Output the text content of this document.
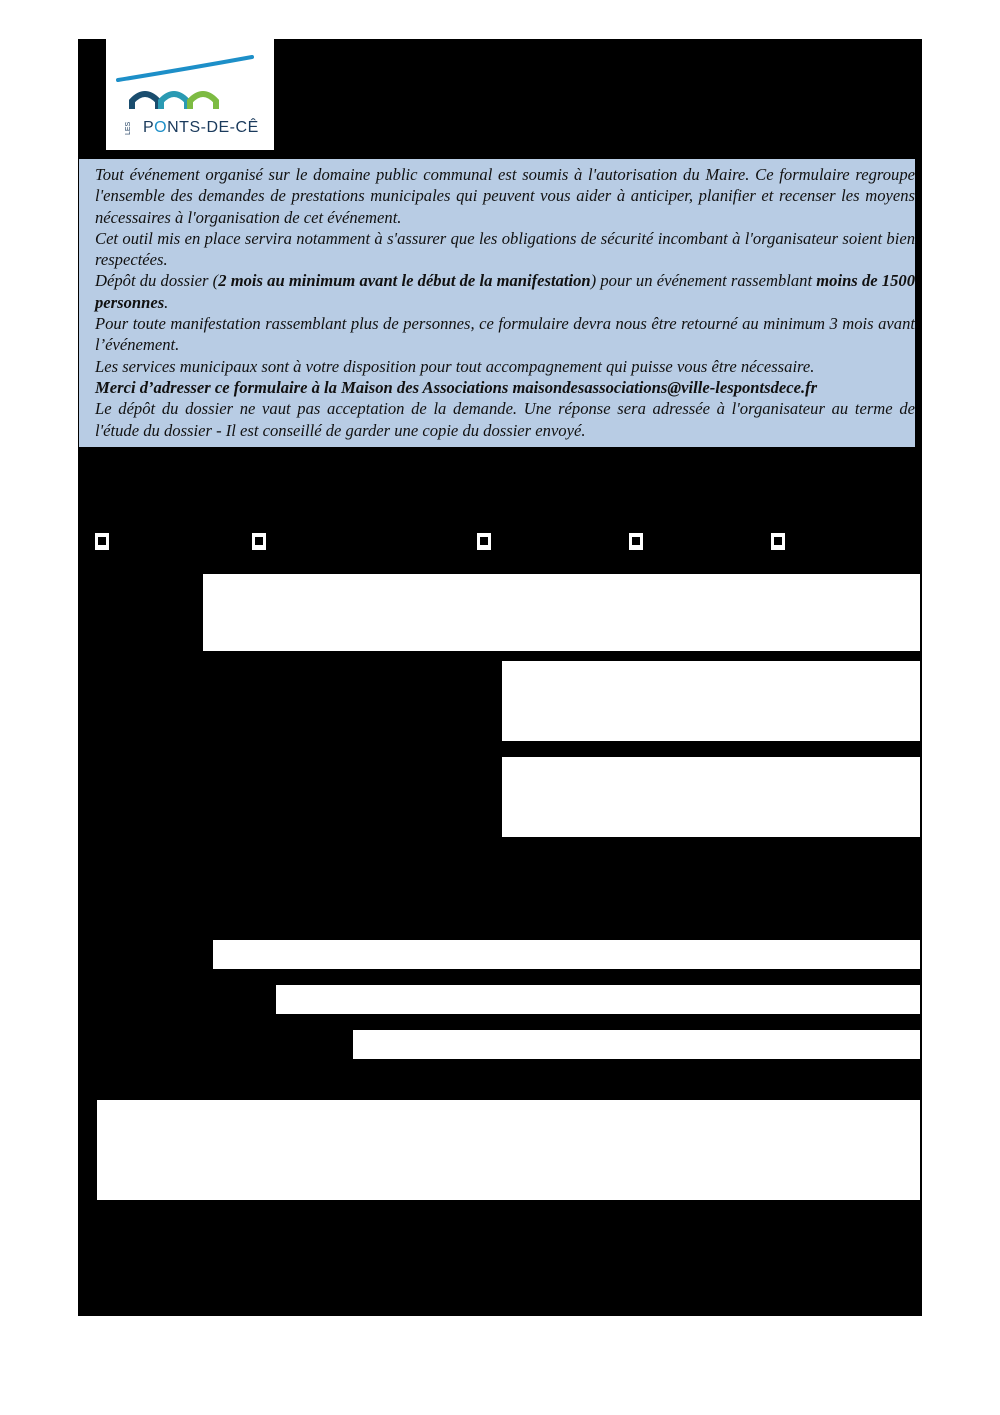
LES PONTS-DE-CÊ

Tout événement organisé sur le domaine public communal est soumis à l'autorisation du Maire. Ce formulaire regroupe l'ensemble des demandes de prestations municipales qui peuvent vous aider à anticiper, planifier et recenser les moyens nécessaires à l'organisation de cet événement.

Cet outil mis en place servira notamment à s'assurer que les obligations de sécurité incombant à l'organisateur soient bien respectées.

Dépôt du dossier (2 mois au minimum avant le début de la manifestation) pour un événement rassemblant moins de 1500 personnes.

Pour toute manifestation rassemblant plus de personnes, ce formulaire devra nous être retourné au minimum 3 mois avant l’événement.

Les services municipaux sont à votre disposition pour tout accompagnement qui puisse vous être nécessaire.

Merci d’adresser ce formulaire à la Maison des Associations maisondesassociations@ville-lespontsdece.fr

Le dépôt du dossier ne vaut pas acceptation de la demande. Une réponse sera adressée à l'organisateur au terme de l'étude du dossier - Il est conseillé de garder une copie du dossier envoyé.
